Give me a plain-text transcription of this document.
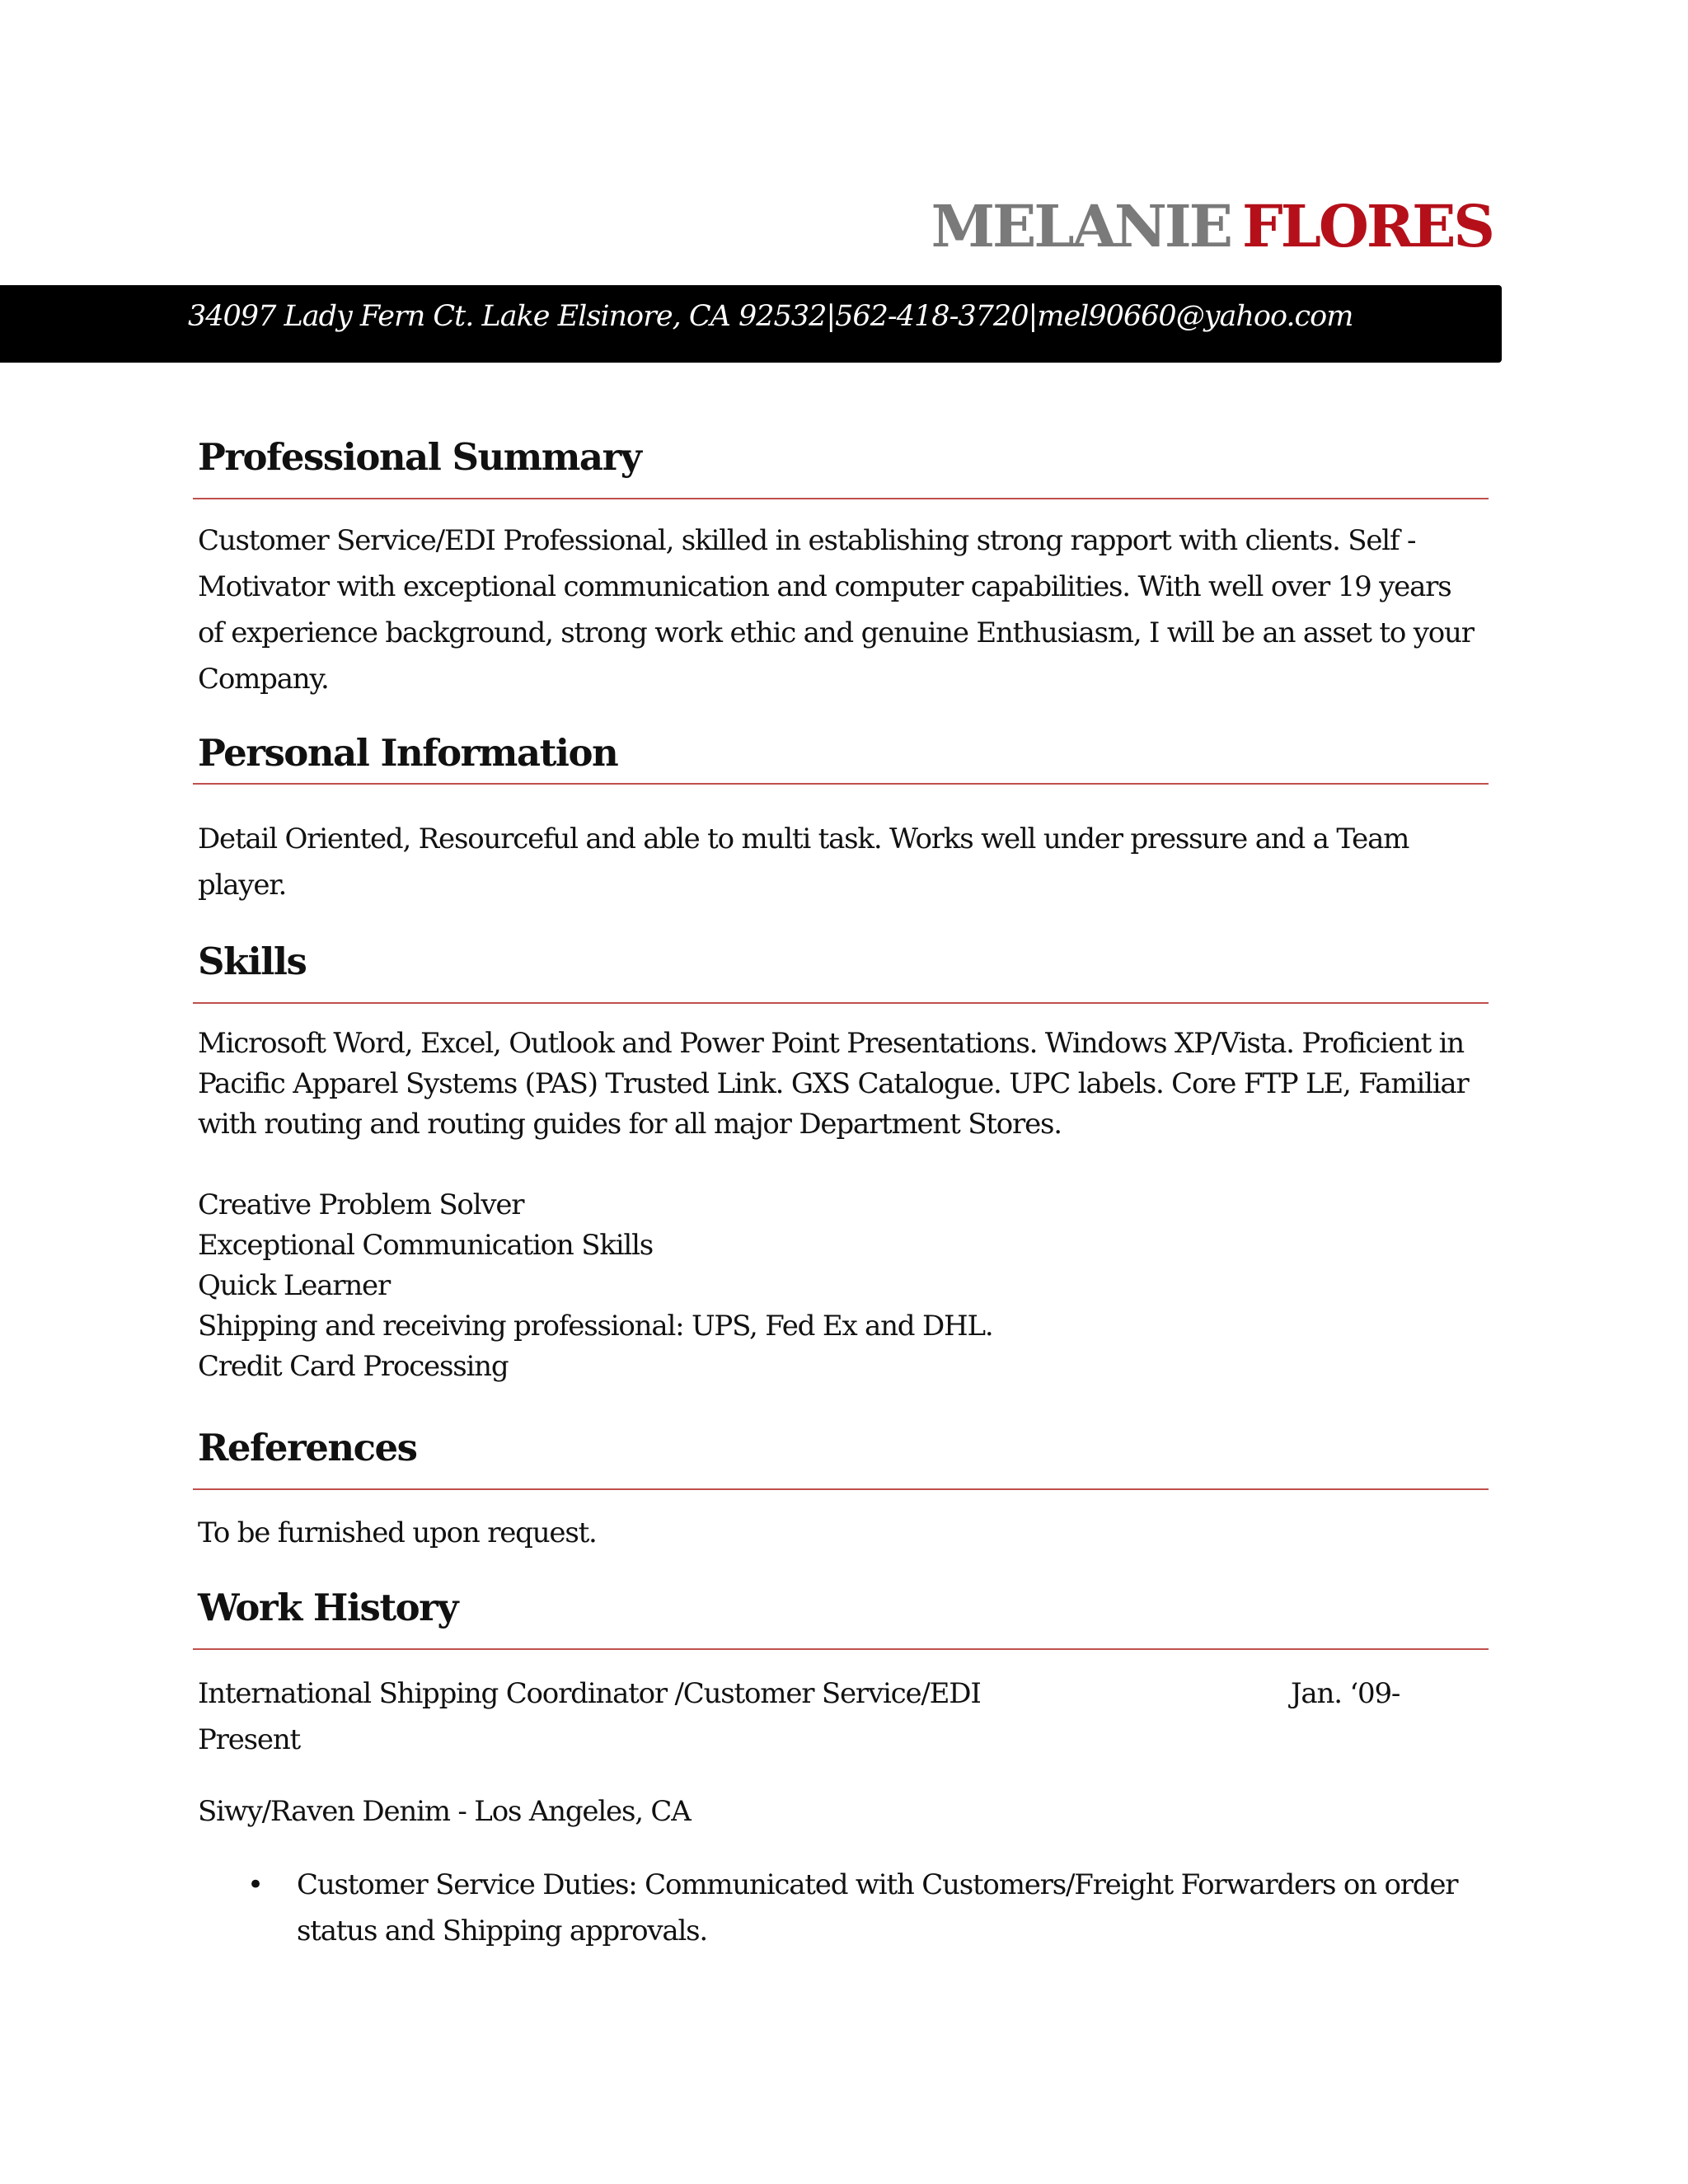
MELANIE FLORES
34097 Lady Fern Ct. Lake Elsinore, CA 92532|562-418-3720|mel90660@yahoo.com
Professional Summary

Customer Service/EDI Professional, skilled in establishing strong rapport with clients. Self -

Motivator with exceptional communication and computer capabilities. With well over 19 years

of experience background, strong work ethic and genuine Enthusiasm, I will be an asset to your

Company.

Personal Information

Detail Oriented, Resourceful and able to multi task. Works well under pressure and a Team

player.

Skills

Microsoft Word, Excel, Outlook and Power Point Presentations. Windows XP/Vista. Proficient in

Pacific Apparel Systems (PAS) Trusted Link. GXS Catalogue. UPC labels. Core FTP LE, Familiar

with routing and routing guides for all major Department Stores.

Creative Problem Solver

Exceptional Communication Skills

Quick Learner

Shipping and receiving professional: UPS, Fed Ex and DHL.

Credit Card Processing

References

To be furnished upon request.

Work History
International Shipping Coordinator /Customer Service/EDI	Jan. ‘09-

Present

Siwy/Raven Denim - Los Angeles, CA

• Customer Service Duties: Communicated with Customers/Freight Forwarders on order
status and Shipping approvals.
